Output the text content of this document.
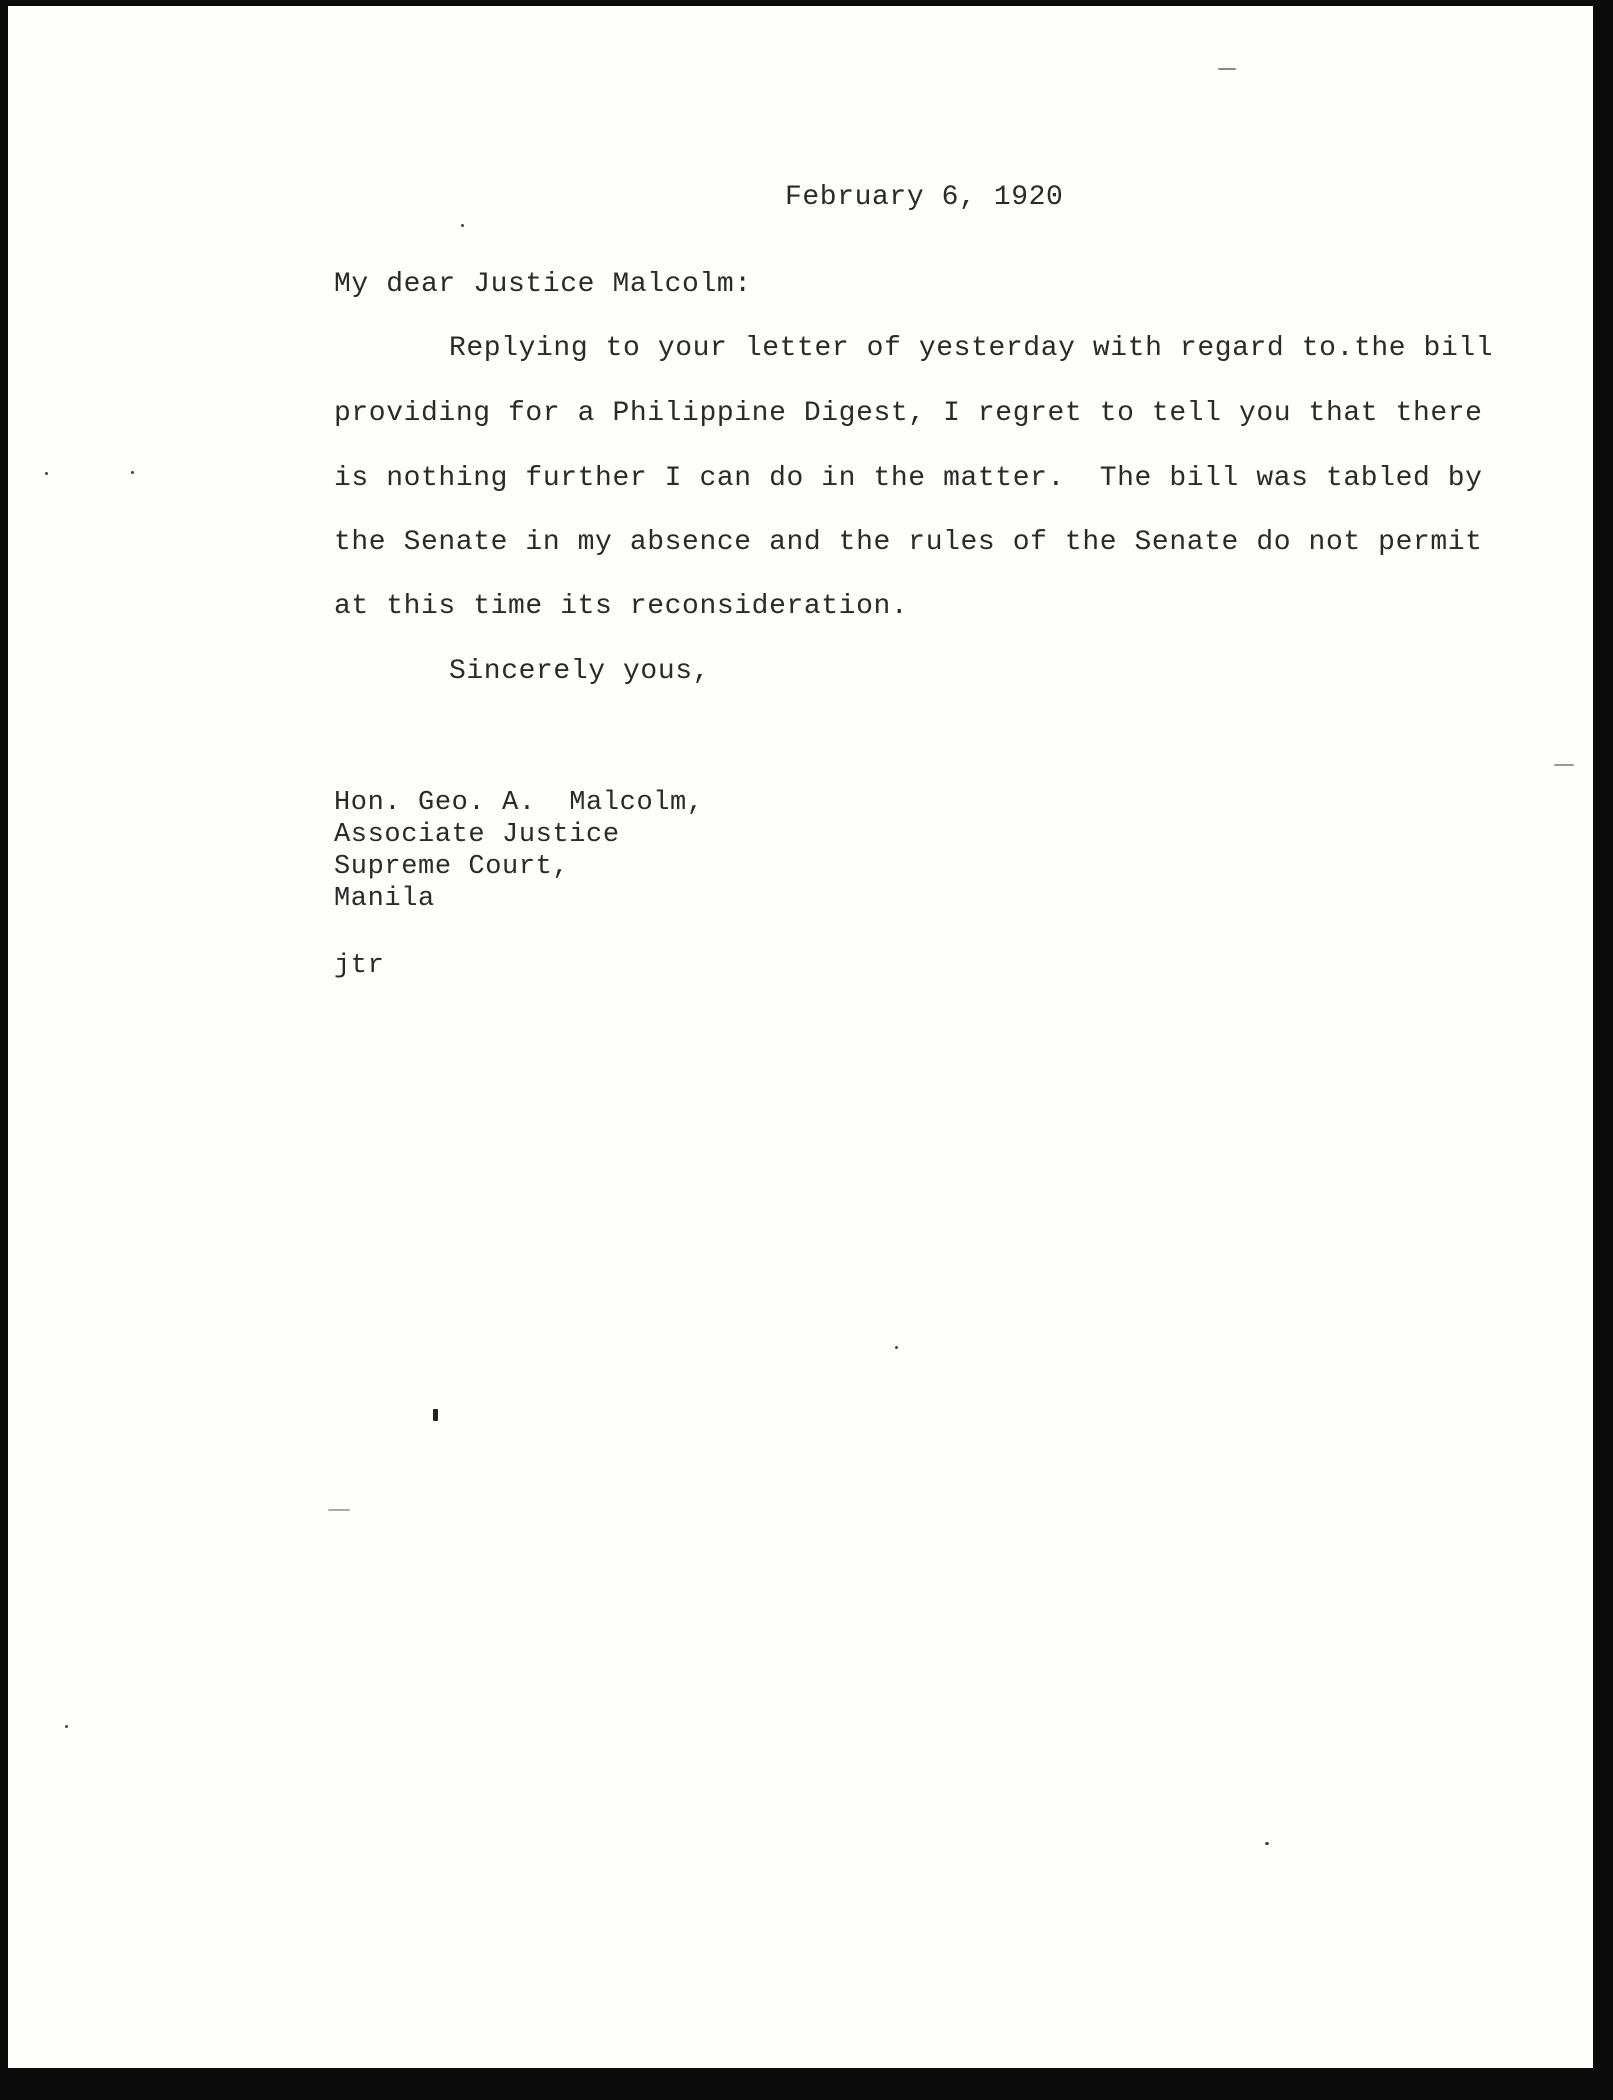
February 6, 1920
My dear Justice Malcolm:
Replying to your letter of yesterday with regard to.the bill
providing for a Philippine Digest, I regret to tell you that there
is nothing further I can do in the matter.  The bill was tabled by
the Senate in my absence and the rules of the Senate do not permit
at this time its reconsideration.
Sincerely yous,
Hon. Geo. A.  Malcolm,
Associate Justice
Supreme Court,
Manila
jtr
